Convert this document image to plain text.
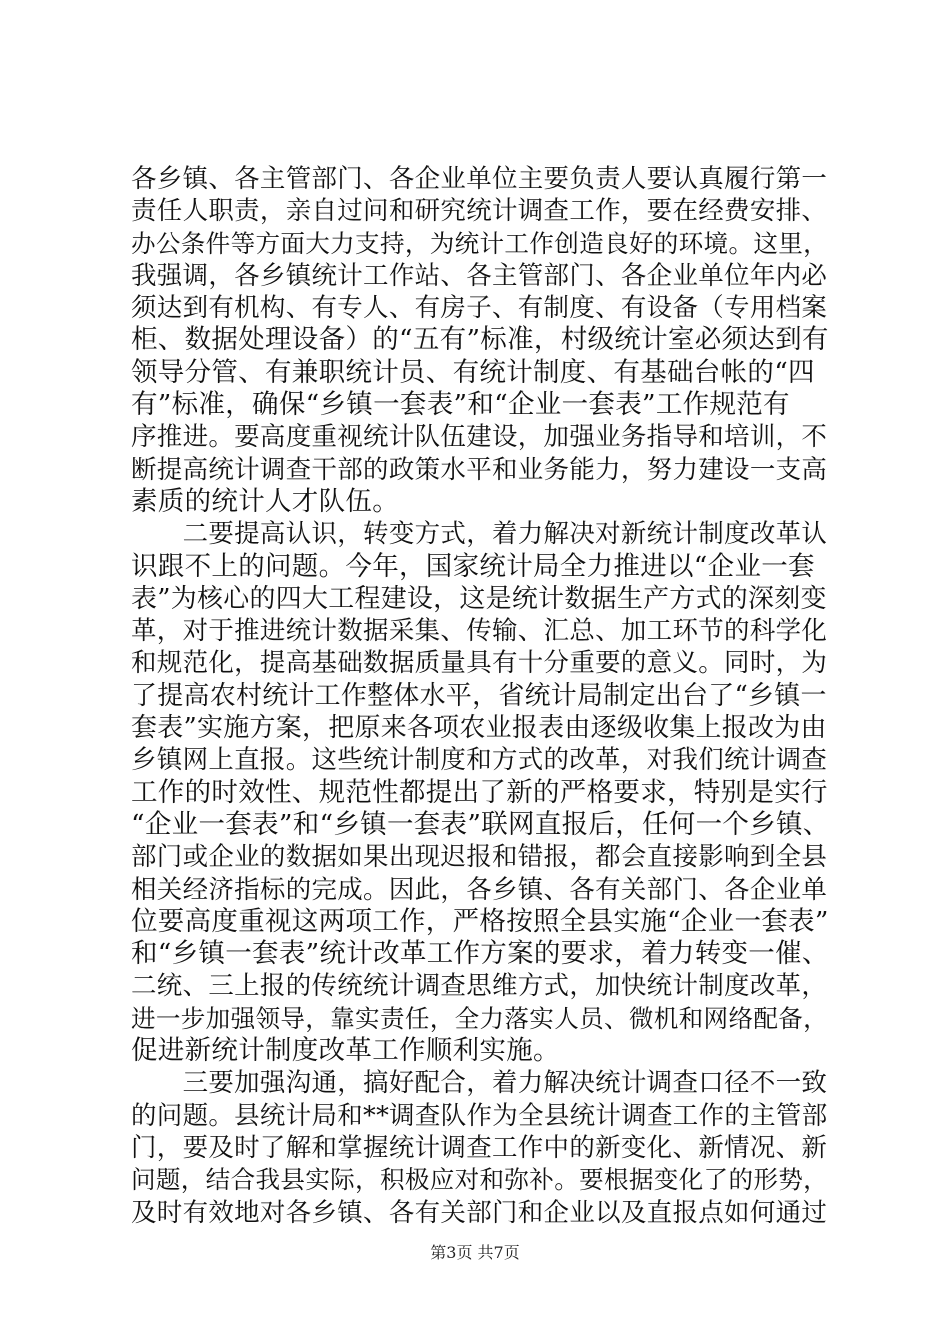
各乡镇、各主管部门、各企业单位主要负责人要认真履行第一
责任人职责，亲自过问和研究统计调查工作，要在经费安排、
办公条件等方面大力支持，为统计工作创造良好的环境。这里，
我强调，各乡镇统计工作站、各主管部门、各企业单位年内必
须达到有机构、有专人、有房子、有制度、有设备（专用档案
柜、数据处理设备）的“五有”标准，村级统计室必须达到有
领导分管、有兼职统计员、有统计制度、有基础台帐的“四
有”标准，确保“乡镇一套表”和“企业一套表”工作规范有
序推进。要高度重视统计队伍建设，加强业务指导和培训，不
断提高统计调查干部的政策水平和业务能力，努力建设一支高
素质的统计人才队伍。
　　二要提高认识，转变方式，着力解决对新统计制度改革认
识跟不上的问题。今年，国家统计局全力推进以“企业一套
表”为核心的四大工程建设，这是统计数据生产方式的深刻变
革，对于推进统计数据采集、传输、汇总、加工环节的科学化
和规范化，提高基础数据质量具有十分重要的意义。同时，为
了提高农村统计工作整体水平，省统计局制定出台了“乡镇一
套表”实施方案，把原来各项农业报表由逐级收集上报改为由
乡镇网上直报。这些统计制度和方式的改革，对我们统计调查
工作的时效性、规范性都提出了新的严格要求，特别是实行
“企业一套表”和“乡镇一套表”联网直报后，任何一个乡镇、
部门或企业的数据如果出现迟报和错报，都会直接影响到全县
相关经济指标的完成。因此，各乡镇、各有关部门、各企业单
位要高度重视这两项工作，严格按照全县实施“企业一套表”
和“乡镇一套表”统计改革工作方案的要求，着力转变一催、
二统、三上报的传统统计调查思维方式，加快统计制度改革，
进一步加强领导，靠实责任，全力落实人员、微机和网络配备，
促进新统计制度改革工作顺利实施。
　　三要加强沟通，搞好配合，着力解决统计调查口径不一致
的问题。县统计局和**调查队作为全县统计调查工作的主管部
门，要及时了解和掌握统计调查工作中的新变化、新情况、新
问题，结合我县实际，积极应对和弥补。要根据变化了的形势，
及时有效地对各乡镇、各有关部门和企业以及直报点如何通过
第3页 共7页
